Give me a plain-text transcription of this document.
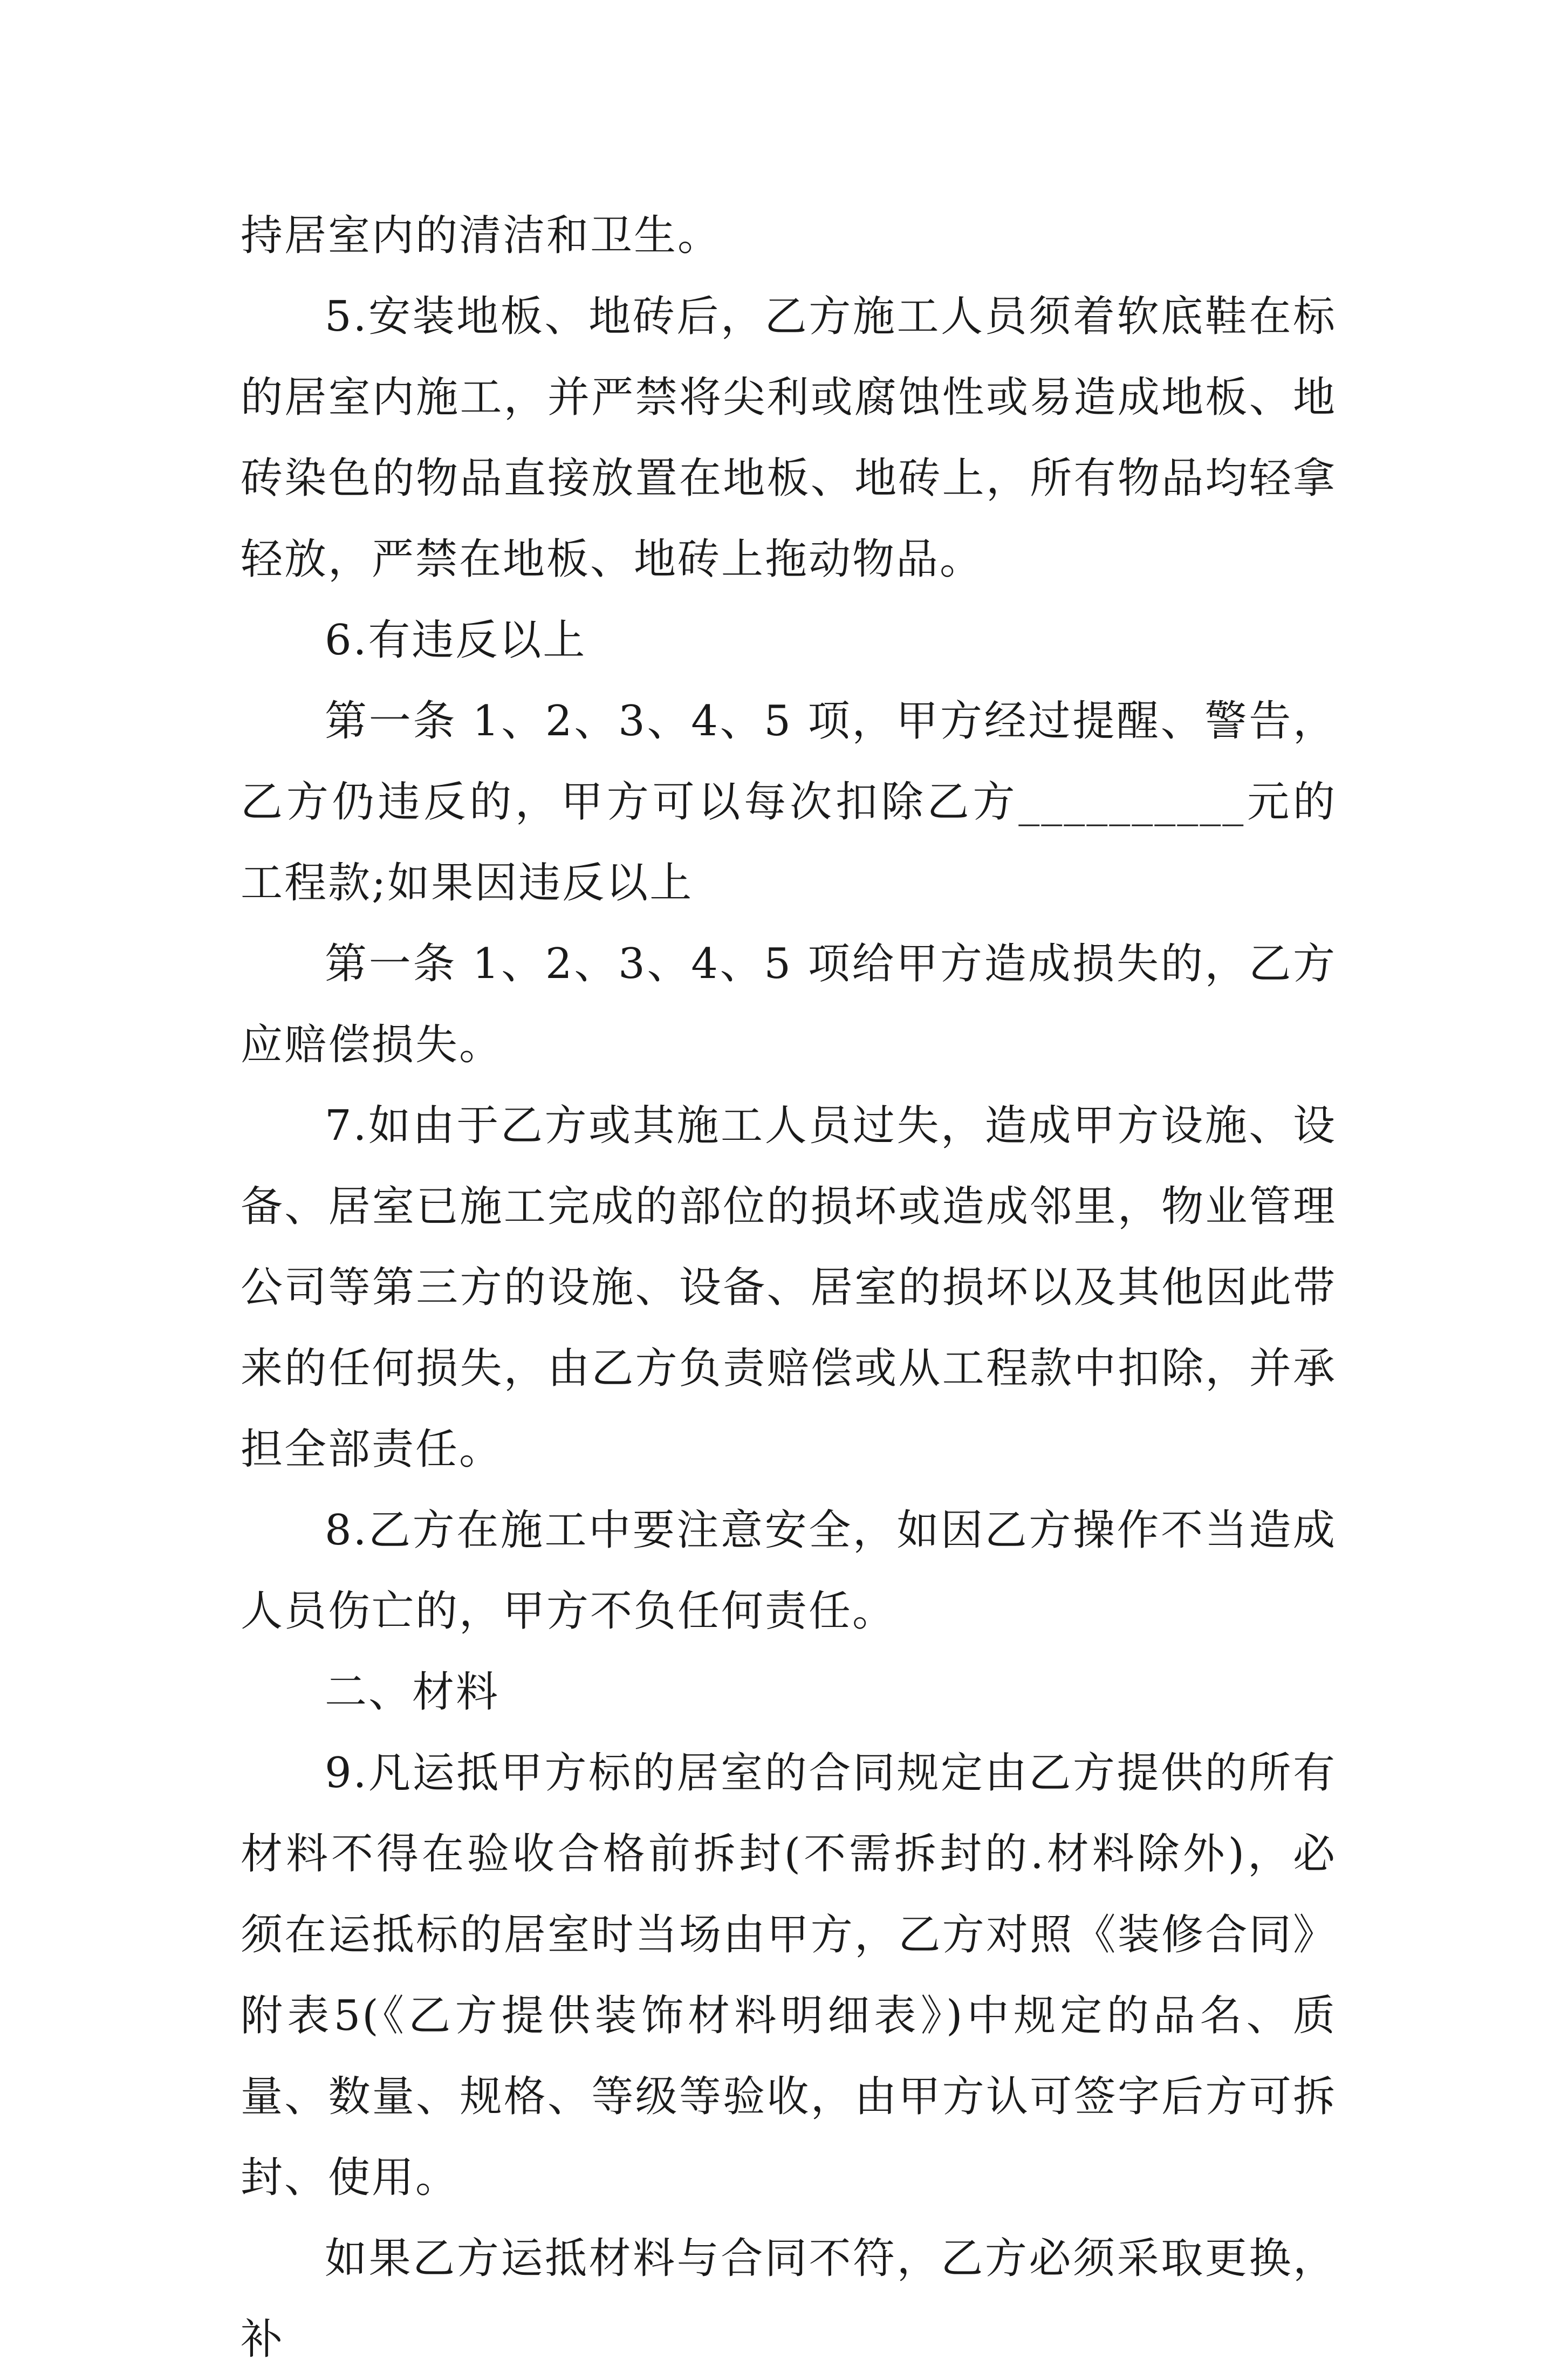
持居室内的清洁和卫生。

5.安装地板、地砖后，乙方施工人员须着软底鞋在标的居室内施工，并严禁将尖利或腐蚀性或易造成地板、地砖染色的物品直接放置在地板、地砖上，所有物品均轻拿轻放，严禁在地板、地砖上拖动物品。

6.有违反以上

第一条 1、2、3、4、5 项，甲方经过提醒、警告，乙方仍违反的，甲方可以每次扣除乙方__________元的工程款;如果因违反以上

第一条 1、2、3、4、5 项给甲方造成损失的，乙方应赔偿损失。

7.如由于乙方或其施工人员过失，造成甲方设施、设备、居室已施工完成的部位的损坏或造成邻里，物业管理公司等第三方的设施、设备、居室的损坏以及其他因此带来的任何损失，由乙方负责赔偿或从工程款中扣除，并承担全部责任。

8.乙方在施工中要注意安全，如因乙方操作不当造成人员伤亡的，甲方不负任何责任。

二、材料

9.凡运抵甲方标的居室的合同规定由乙方提供的所有材料不得在验收合格前拆封(不需拆封的.材料除外)，必须在运抵标的居室时当场由甲方，乙方对照《装修合同》附表5(《乙方提供装饰材料明细表》)中规定的品名、质量、数量、规格、等级等验收，由甲方认可签字后方可拆封、使用。

如果乙方运抵材料与合同不符，乙方必须采取更换，补
